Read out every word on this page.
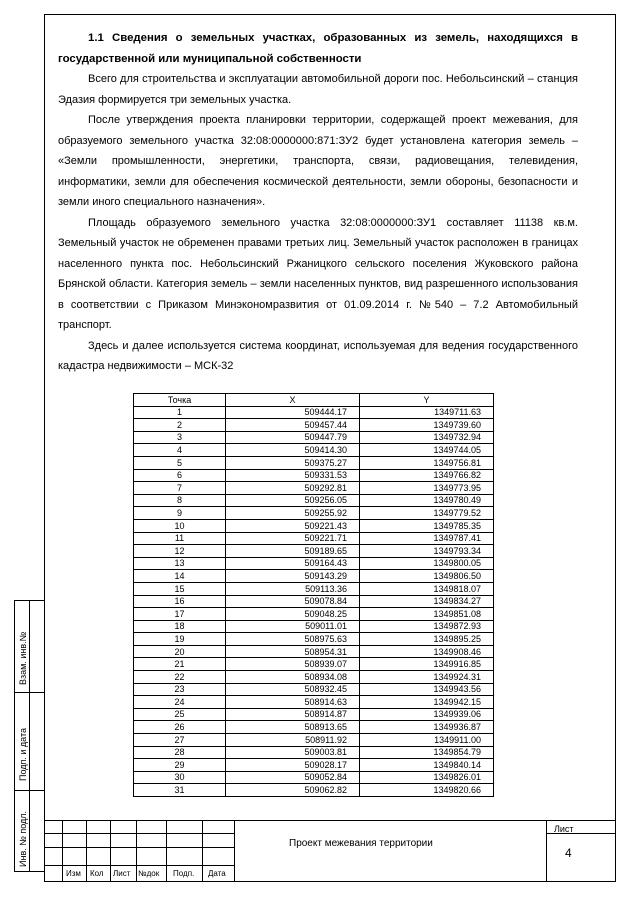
1.1 Сведения о земельных участках, образованных из земель, находящихся в государственной или муниципальной собственности

Всего для строительства и эксплуатации автомобильной дороги пос. Небольсинский – станция Эдазия формируется три земельных участка.

После утверждения проекта планировки территории, содержащей проект межевания, для образуемого земельного участка 32:08:0000000:871:ЗУ2 будет установлена категория земель – «Земли промышленности, энергетики, транспорта, связи, радиовещания, телевидения, информатики, земли для обеспечения космической деятельности, земли обороны, безопасности и земли иного специального назначения».

Площадь образуемого земельного участка 32:08:0000000:ЗУ1 составляет 11138 кв.м. Земельный участок не обременен правами третьих лиц. Земельный участок расположен в границах населенного пункта пос. Небольсинский Ржаницкого сельского поселения Жуковского района Брянской области. Категория земель – земли населенных пунктов, вид разрешенного использования в соответствии с Приказом Минэкономразвития от 01.09.2014 г. №540 – 7.2 Автомобильный транспорт.

Здесь и далее используется система координат, используемая для ведения государственного кадастра недвижимости – МСК-32

Точка	X	Y
1	509444.17	1349711.63
2	509457.44	1349739.60
3	509447.79	1349732.94
4	509414.30	1349744.05
5	509375.27	1349756.81
6	509331.53	1349766.82
7	509292.81	1349773.95
8	509256.05	1349780.49
9	509255.92	1349779.52
10	509221.43	1349785.35
11	509221.71	1349787.41
12	509189.65	1349793.34
13	509164.43	1349800.05
14	509143.29	1349806.50
15	509113.36	1349818.07
16	509078.84	1349834.27
17	509048.25	1349851.08
18	509011.01	1349872.93
19	508975.63	1349895.25
20	508954.31	1349908.46
21	508939.07	1349916.85
22	508934.08	1349924.31
23	508932.45	1349943.56
24	508914.63	1349942.15
25	508914.87	1349939.06
26	508913.65	1349936.87
27	508911.92	1349911.00
28	509003.81	1349854.79
29	509028.17	1349840.14
30	509052.84	1349826.01
31	509062.82	1349820.66
Взам. инв.№
Подп. и дата
Инв. № подл.
Изм Кол Лист №док Подп. Дата
Проект межевания территории
Лист
4
